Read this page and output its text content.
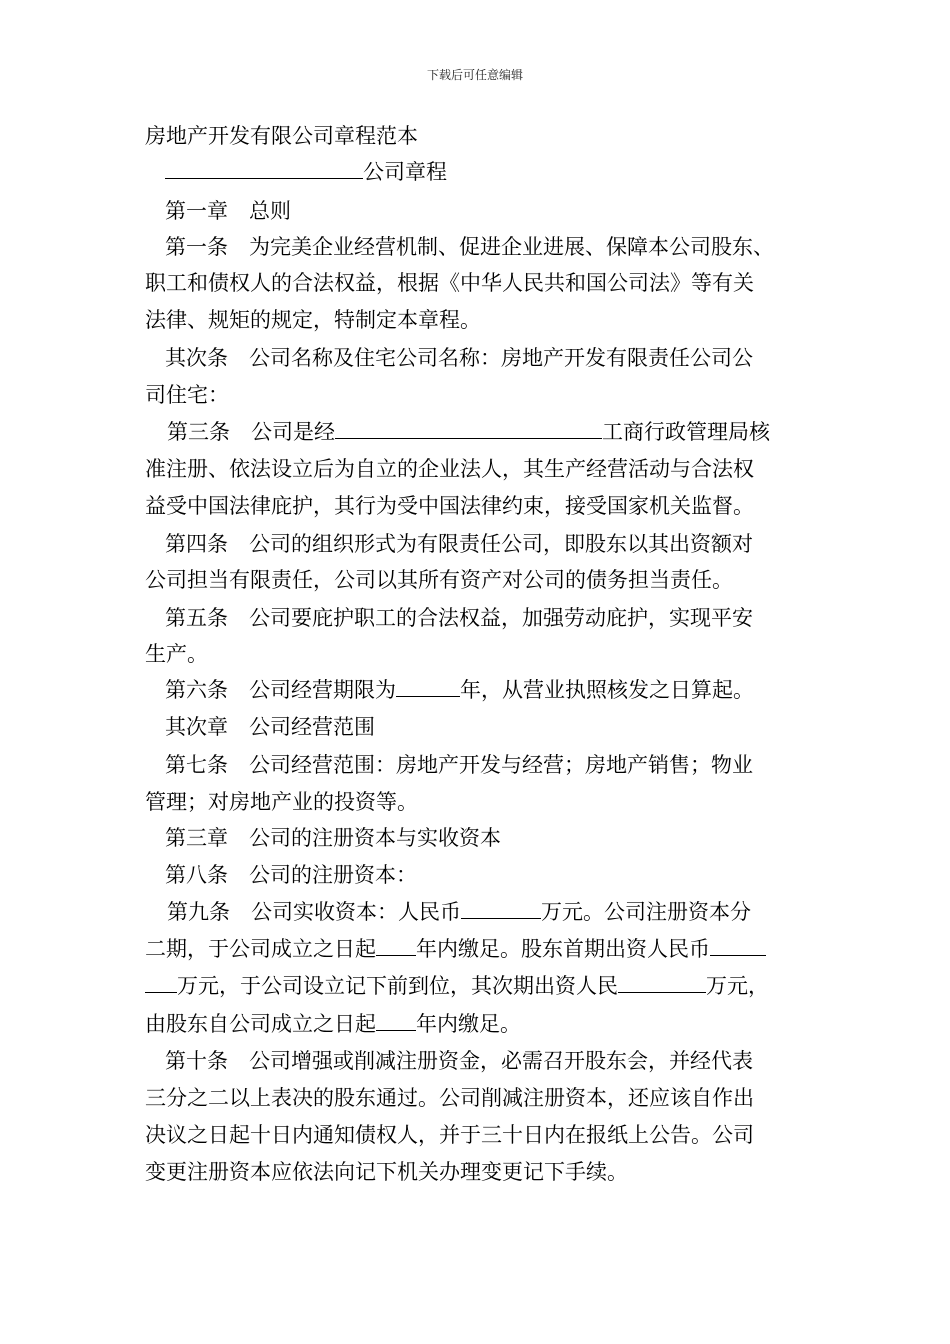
下载后可任意编辑
房地产开发有限公司章程范本
公司章程
第一章　总则
第一条　为完美企业经营机制、促进企业进展、保障本公司股东、
职工和债权人的合法权益，根据《中华人民共和国公司法》等有关
法律、规矩的规定，特制定本章程。
其次条　公司名称及住宅公司名称：房地产开发有限责任公司公
司住宅：
第三条　公司是经	工商行政管理局核
准注册、依法设立后为自立的企业法人，其生产经营活动与合法权
益受中国法律庇护，其行为受中国法律约束，接受国家机关监督。
第四条　公司的组织形式为有限责任公司，即股东以其出资额对
公司担当有限责任，公司以其所有资产对公司的债务担当责任。
第五条　公司要庇护职工的合法权益，加强劳动庇护，实现平安
生产。
第六条　公司经营期限为	年，从营业执照核发之日算起。
其次章　公司经营范围
第七条　公司经营范围：房地产开发与经营；房地产销售；物业
管理；对房地产业的投资等。
第三章　公司的注册资本与实收资本
第八条　公司的注册资本：
第九条　公司实收资本：人民币	万元。公司注册资本分
二期，于公司成立之日起 年内缴足。股东首期出资人民币
万元，于公司设立记下前到位，其次期出资人民	万元，
由股东自公司成立之日起 年内缴足。
第十条　公司增强或削减注册资金，必需召开股东会，并经代表
三分之二以上表决的股东通过。公司削减注册资本，还应该自作出
决议之日起十日内通知债权人，并于三十日内在报纸上公告。公司
变更注册资本应依法向记下机关办理变更记下手续。
